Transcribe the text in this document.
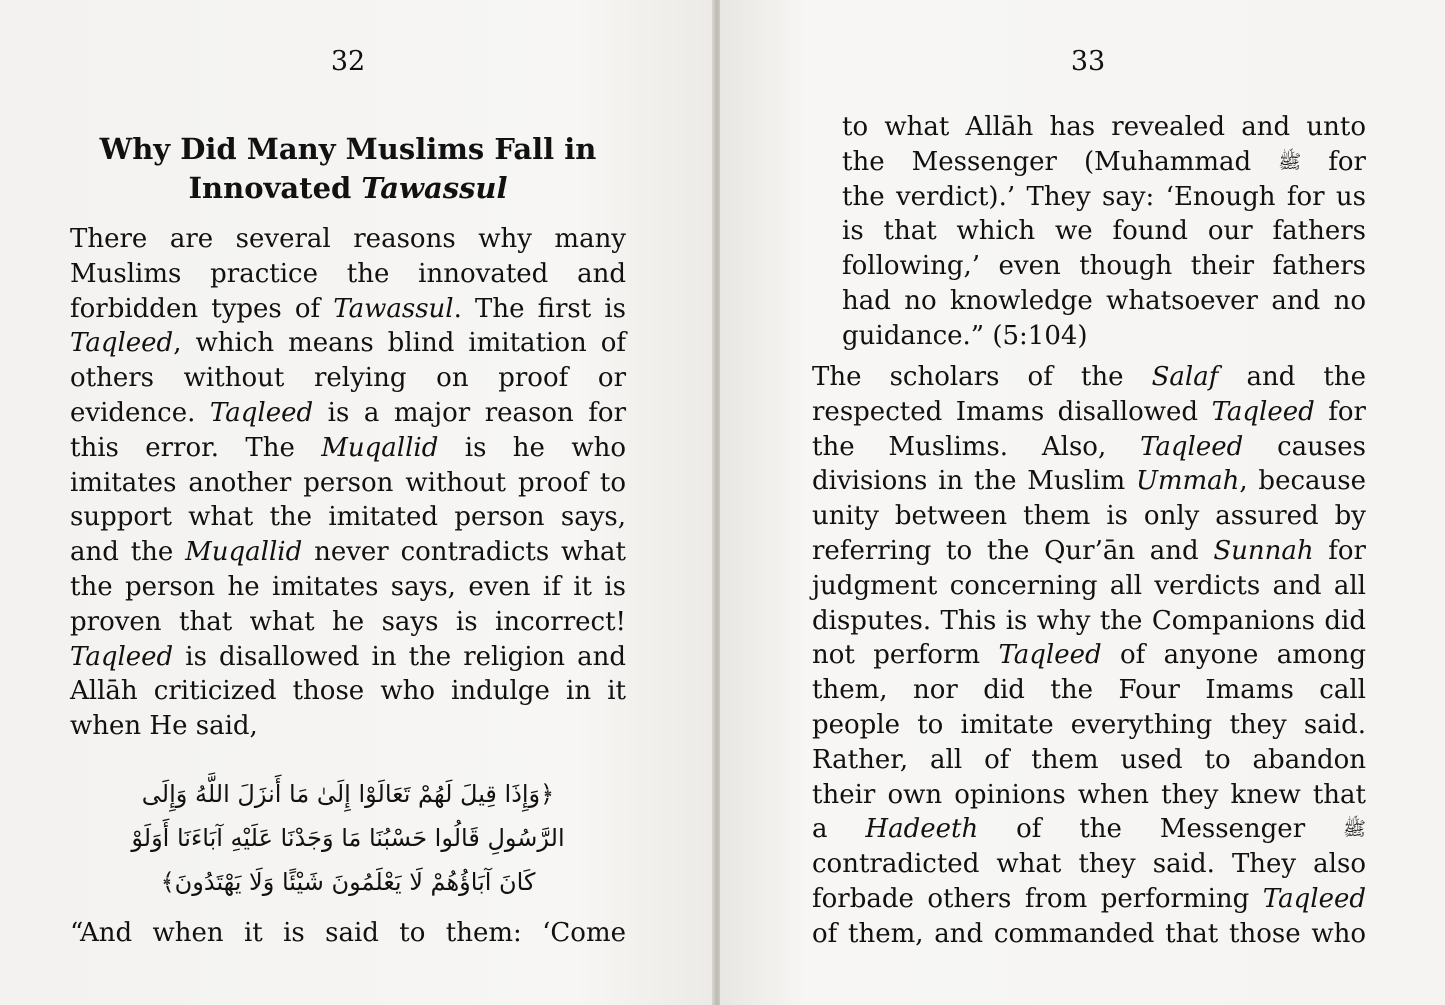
32
Why Did Many Muslims Fall in
Innovated Tawassul
There are several reasons why many
Muslims practice the innovated and
forbidden types of Tawassul. The first is
Taqleed, which means blind imitation of
others without relying on proof or
evidence. Taqleed is a major reason for
this error. The Muqallid is he who
imitates another person without proof to
support what the imitated person says,
and the Muqallid never contradicts what
the person he imitates says, even if it is
proven that what he says is incorrect!
Taqleed is disallowed in the religion and
Allāh criticized those who indulge in it
when He said,
﴿وَإِذَا قِيلَ لَهُمْ تَعَالَوْا إِلَىٰ مَا أَنزَلَ اللَّهُ وَإِلَى
الرَّسُولِ قَالُوا حَسْبُنَا مَا وَجَدْنَا عَلَيْهِ آبَاءَنَا أَوَلَوْ
كَانَ آبَاؤُهُمْ لَا يَعْلَمُونَ شَيْئًا وَلَا يَهْتَدُونَ﴾
“And when it is said to them: ‘Come
33
to what Allāh has revealed and unto
the Messenger (Muhammad ﷺ for
the verdict).’ They say: ‘Enough for us
is that which we found our fathers
following,’ even though their fathers
had no knowledge whatsoever and no
guidance.” (5:104)
The scholars of the Salaf and the
respected Imams disallowed Taqleed for
the Muslims. Also, Taqleed causes
divisions in the Muslim Ummah, because
unity between them is only assured by
referring to the Qur’ān and Sunnah for
judgment concerning all verdicts and all
disputes. This is why the Companions did
not perform Taqleed of anyone among
them, nor did the Four Imams call
people to imitate everything they said.
Rather, all of them used to abandon
their own opinions when they knew that
a Hadeeth of the Messenger ﷺ
contradicted what they said. They also
forbade others from performing Taqleed
of them, and commanded that those who
